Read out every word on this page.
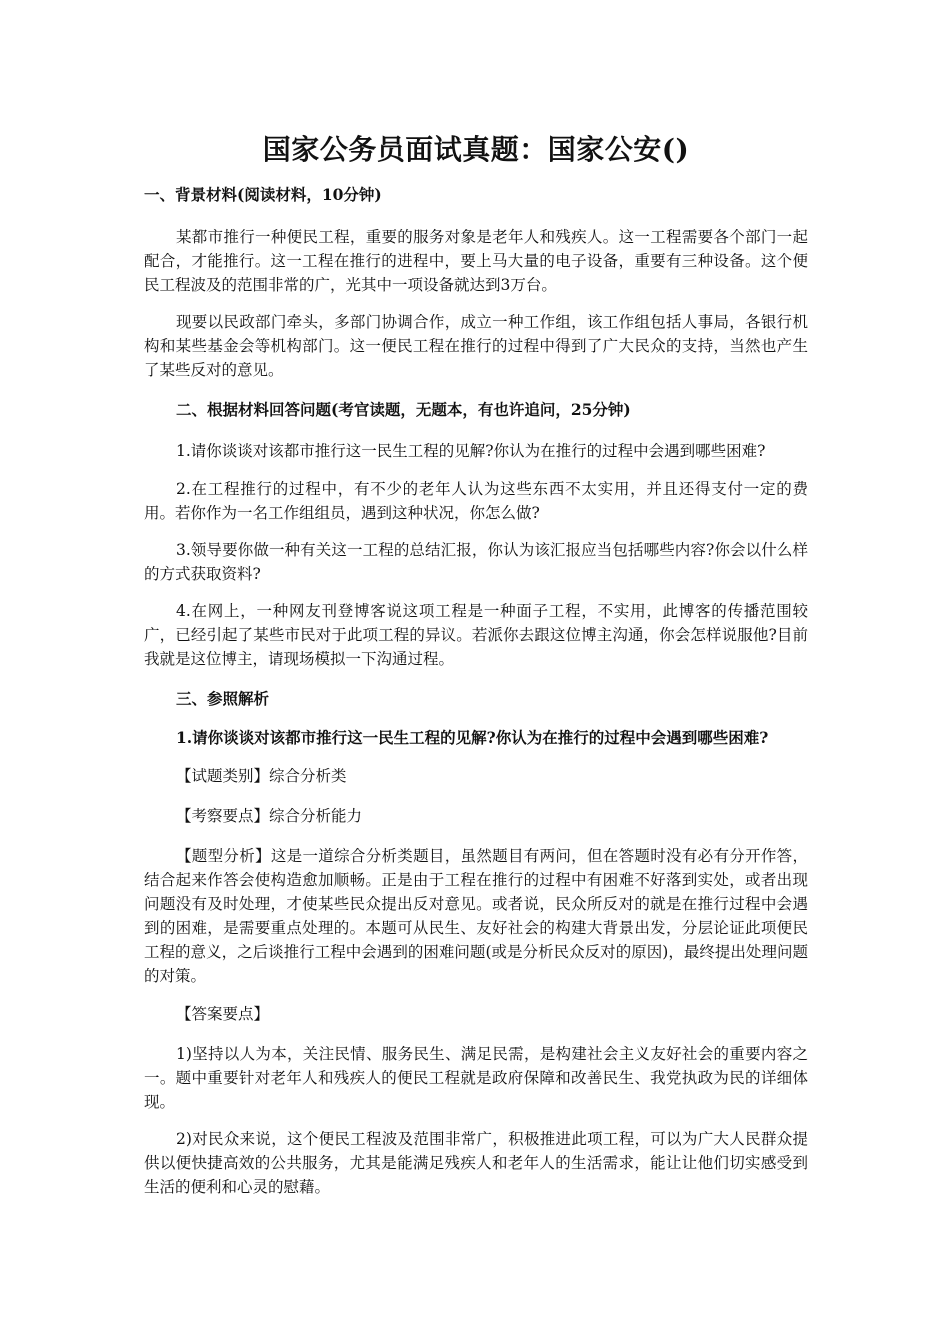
国家公务员面试真题：国家公安()

一、背景材料(阅读材料，10分钟)

某都市推行一种便民工程，重要的服务对象是老年人和残疾人。这一工程需要各个部门一起配合，才能推行。这一工程在推行的进程中，要上马大量的电子设备，重要有三种设备。这个便民工程波及的范围非常的广，光其中一项设备就达到3万台。

现要以民政部门牵头，多部门协调合作，成立一种工作组，该工作组包括人事局，各银行机构和某些基金会等机构部门。这一便民工程在推行的过程中得到了广大民众的支持，当然也产生了某些反对的意见。

二、根据材料回答问题(考官读题，无题本，有也许追问，25分钟)

1.请你谈谈对该都市推行这一民生工程的见解?你认为在推行的过程中会遇到哪些困难?

2.在工程推行的过程中，有不少的老年人认为这些东西不太实用，并且还得支付一定的费用。若你作为一名工作组组员，遇到这种状况，你怎么做?

3.领导要你做一种有关这一工程的总结汇报，你认为该汇报应当包括哪些内容?你会以什么样的方式获取资料?

4.在网上，一种网友刊登博客说这项工程是一种面子工程，不实用，此博客的传播范围较广，已经引起了某些市民对于此项工程的异议。若派你去跟这位博主沟通，你会怎样说服他?目前我就是这位博主，请现场模拟一下沟通过程。

三、参照解析

1.请你谈谈对该都市推行这一民生工程的见解?你认为在推行的过程中会遇到哪些困难?

【试题类别】综合分析类

【考察要点】综合分析能力

【题型分析】这是一道综合分析类题目，虽然题目有两问，但在答题时没有必有分开作答，结合起来作答会使构造愈加顺畅。正是由于工程在推行的过程中有困难不好落到实处，或者出现问题没有及时处理，才使某些民众提出反对意见。或者说，民众所反对的就是在推行过程中会遇到的困难，是需要重点处理的。本题可从民生、友好社会的构建大背景出发，分层论证此项便民工程的意义，之后谈推行工程中会遇到的困难问题(或是分析民众反对的原因)，最终提出处理问题的对策。

【答案要点】

1)坚持以人为本，关注民情、服务民生、满足民需，是构建社会主义友好社会的重要内容之一。题中重要针对老年人和残疾人的便民工程就是政府保障和改善民生、我党执政为民的详细体现。

2)对民众来说，这个便民工程波及范围非常广，积极推进此项工程，可以为广大人民群众提供以便快捷高效的公共服务，尤其是能满足残疾人和老年人的生活需求，能让让他们切实感受到生活的便利和心灵的慰藉。
